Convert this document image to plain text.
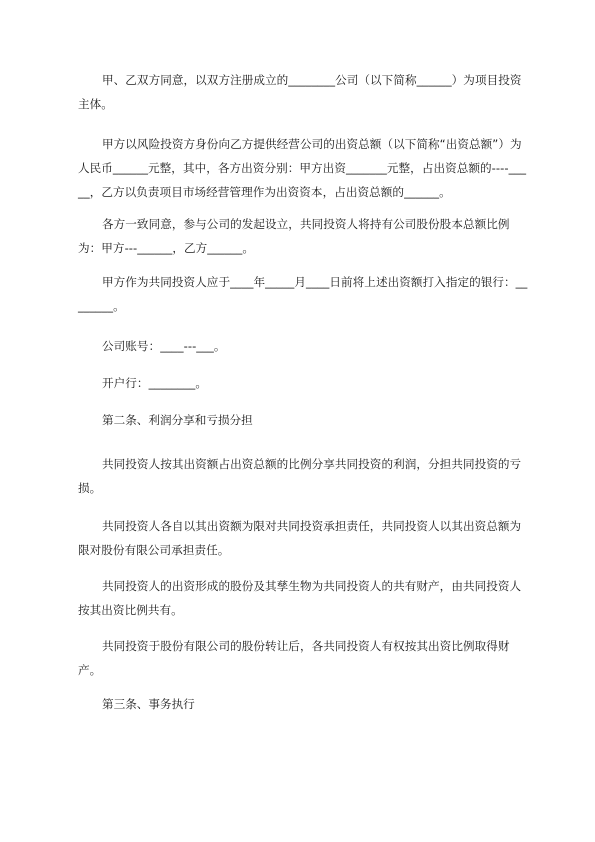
甲、乙双方同意，以双方注册成立的________公司（以下简称______）为项目投资主体。

甲方以风险投资方身份向乙方提供经营公司的出资总额（以下简称“出资总额”）为人民币______元整，其中，各方出资分别：甲方出资_______元整，占出资总额的----_____，乙方以负责项目市场经营管理作为出资资本，占出资总额的______。

各方一致同意，参与公司的发起设立，共同投资人将持有公司股份股本总额比例为：甲方---______，乙方______。

甲方作为共同投资人应于____年_____月____日前将上述出资额打入指定的银行：________。

公司账号：____---___。

开户行：________。

第二条、利润分享和亏损分担

共同投资人按其出资额占出资总额的比例分享共同投资的利润，分担共同投资的亏损。

共同投资人各自以其出资额为限对共同投资承担责任，共同投资人以其出资总额为限对股份有限公司承担责任。

共同投资人的出资形成的股份及其孳生物为共同投资人的共有财产，由共同投资人按其出资比例共有。

共同投资于股份有限公司的股份转让后，各共同投资人有权按其出资比例取得财产。

第三条、事务执行
